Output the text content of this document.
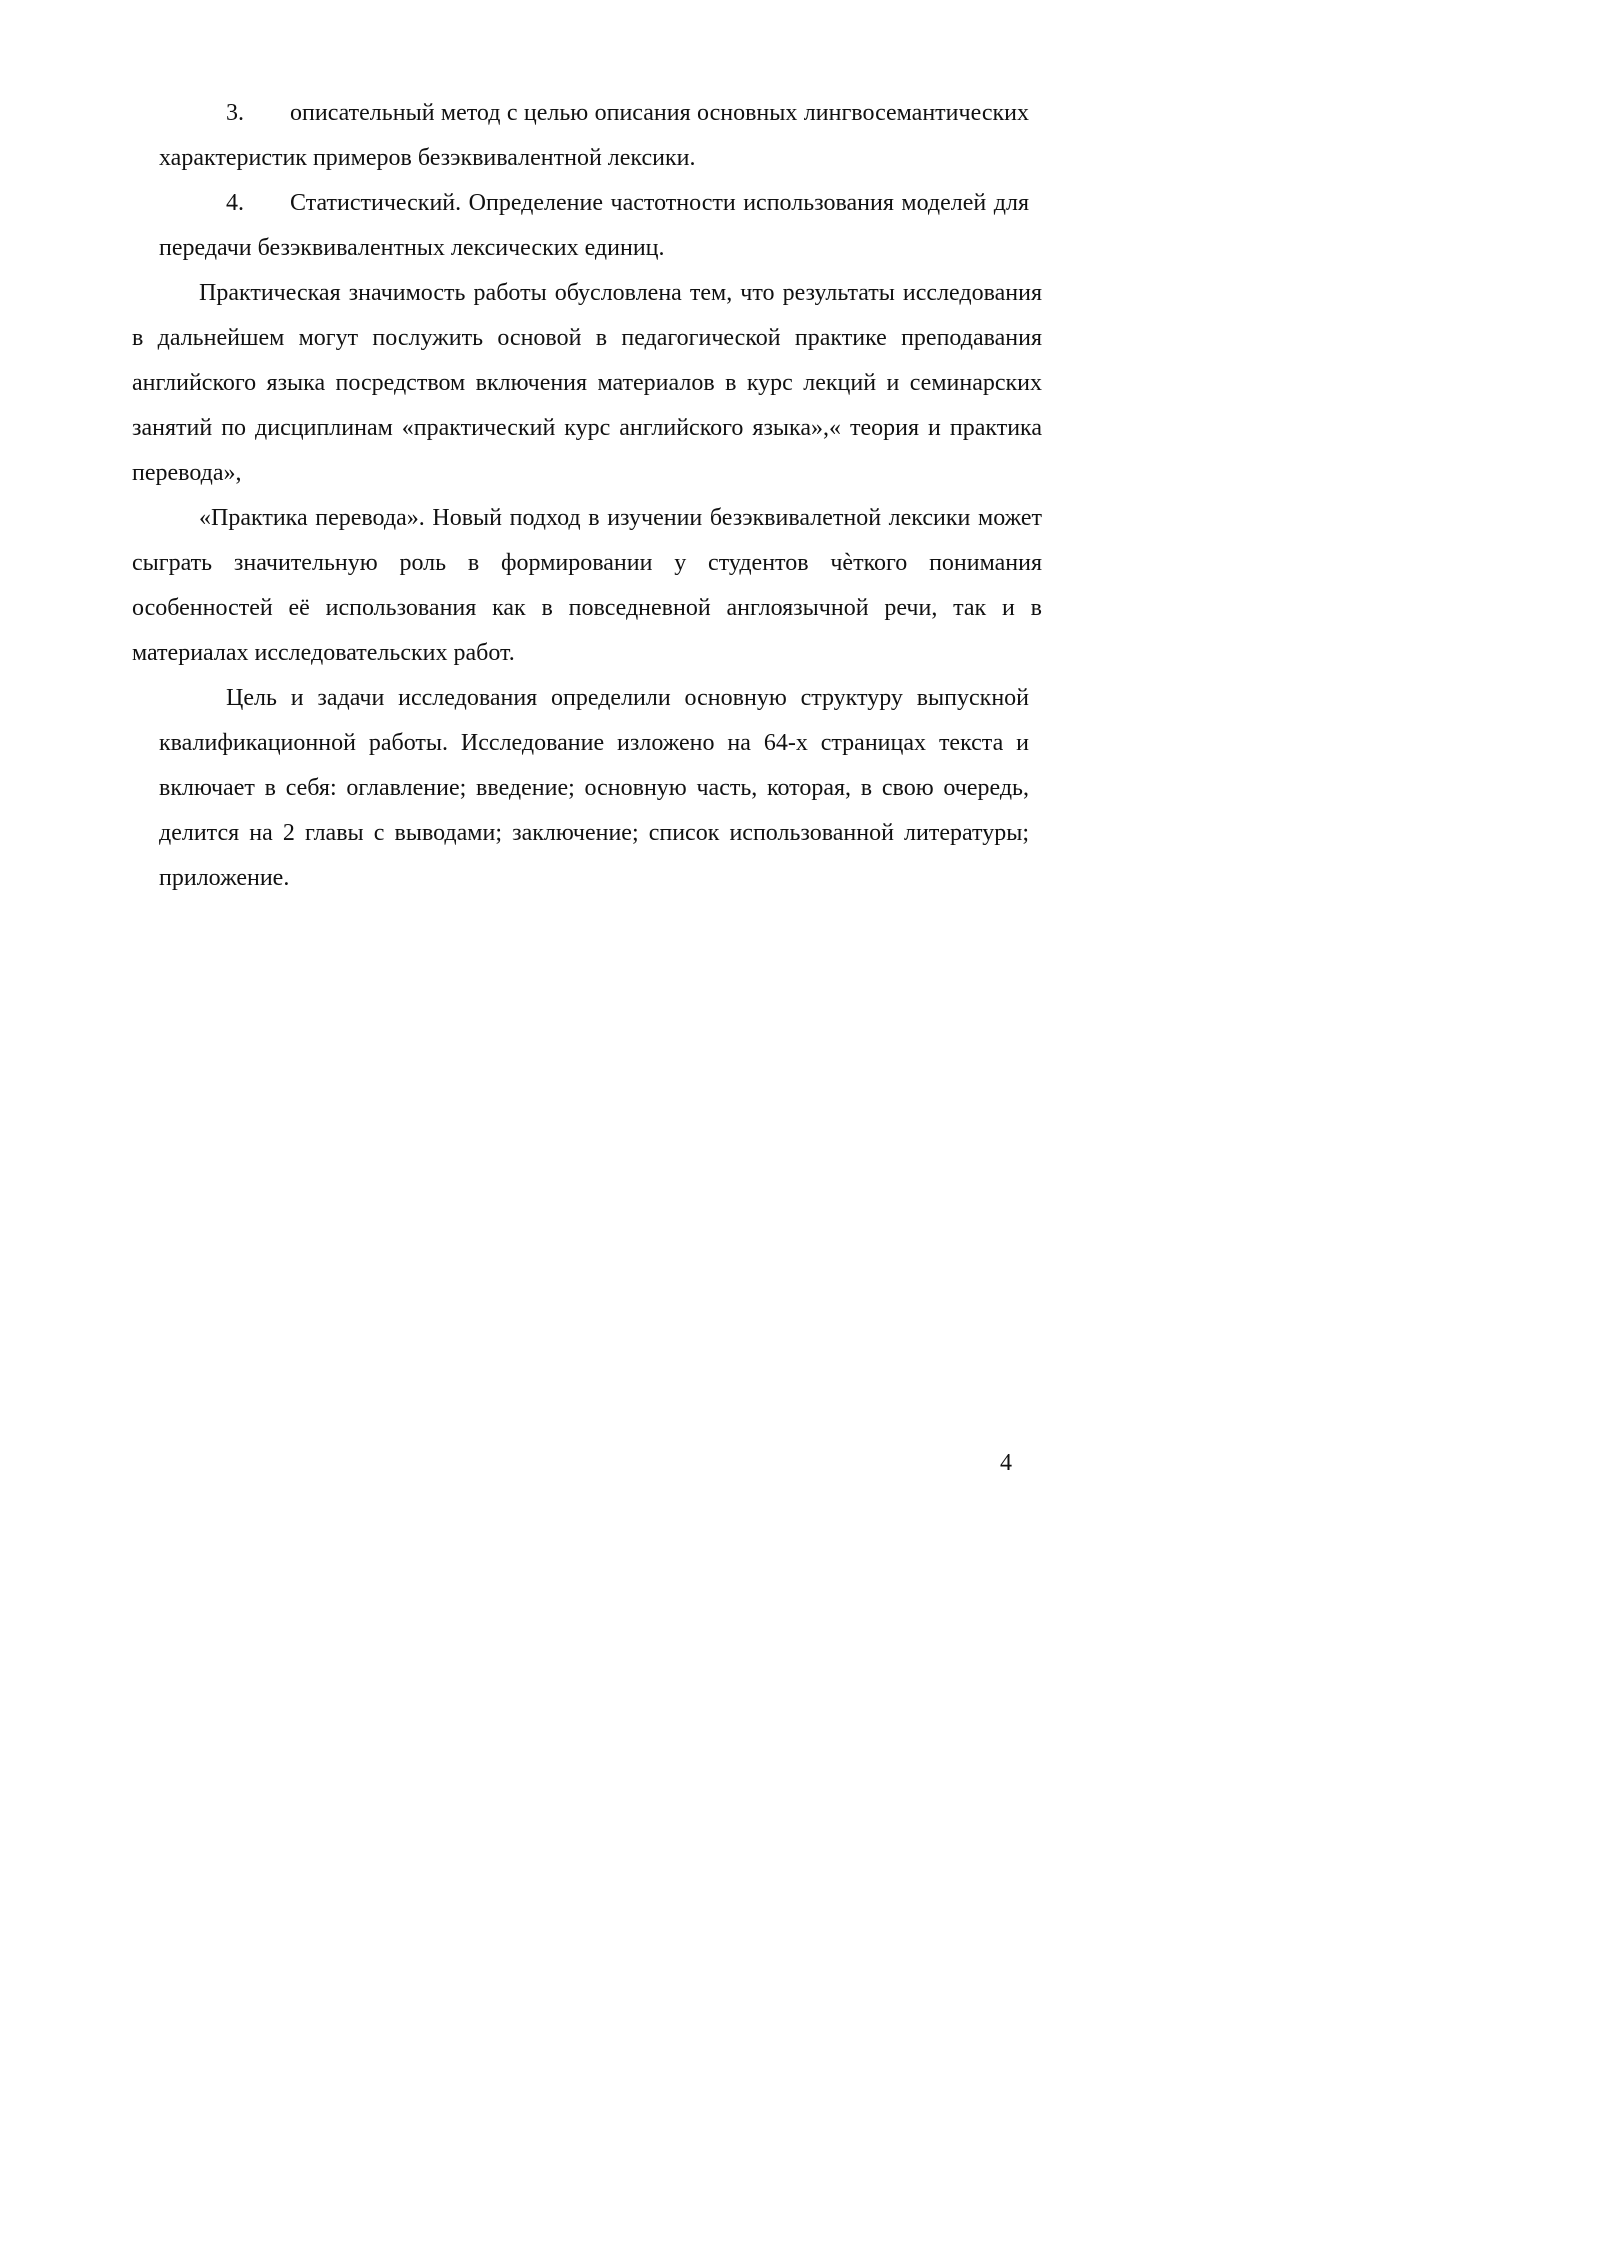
3. описательный метод с целью описания основных лингвосемантических характеристик примеров безэквивалентной лексики.

4. Статистический. Определение частотности использования моделей для передачи безэквивалентных лексических единиц.

Практическая значимость работы обусловлена тем, что результаты исследования в дальнейшем могут послужить основой в педагогической практике преподавания английского языка посредством включения материалов в курс лекций и семинарских занятий по дисциплинам «практический курс английского языка»,« теория и практика перевода»,

«Практика перевода». Новый подход в изучении безэквивалетной лексики может сыграть значительную роль в формировании у студентов чѐткого понимания особенностей её использования как в повседневной англоязычной речи, так и в материалах исследовательских работ.

Цель и задачи исследования определили основную структуру выпускной квалификационной работы. Исследование изложено на 64-х страницах текста и включает в себя: оглавление; введение; основную часть, которая, в свою очередь, делится на 2 главы с выводами; заключение; список использованной литературы; приложение.

4
